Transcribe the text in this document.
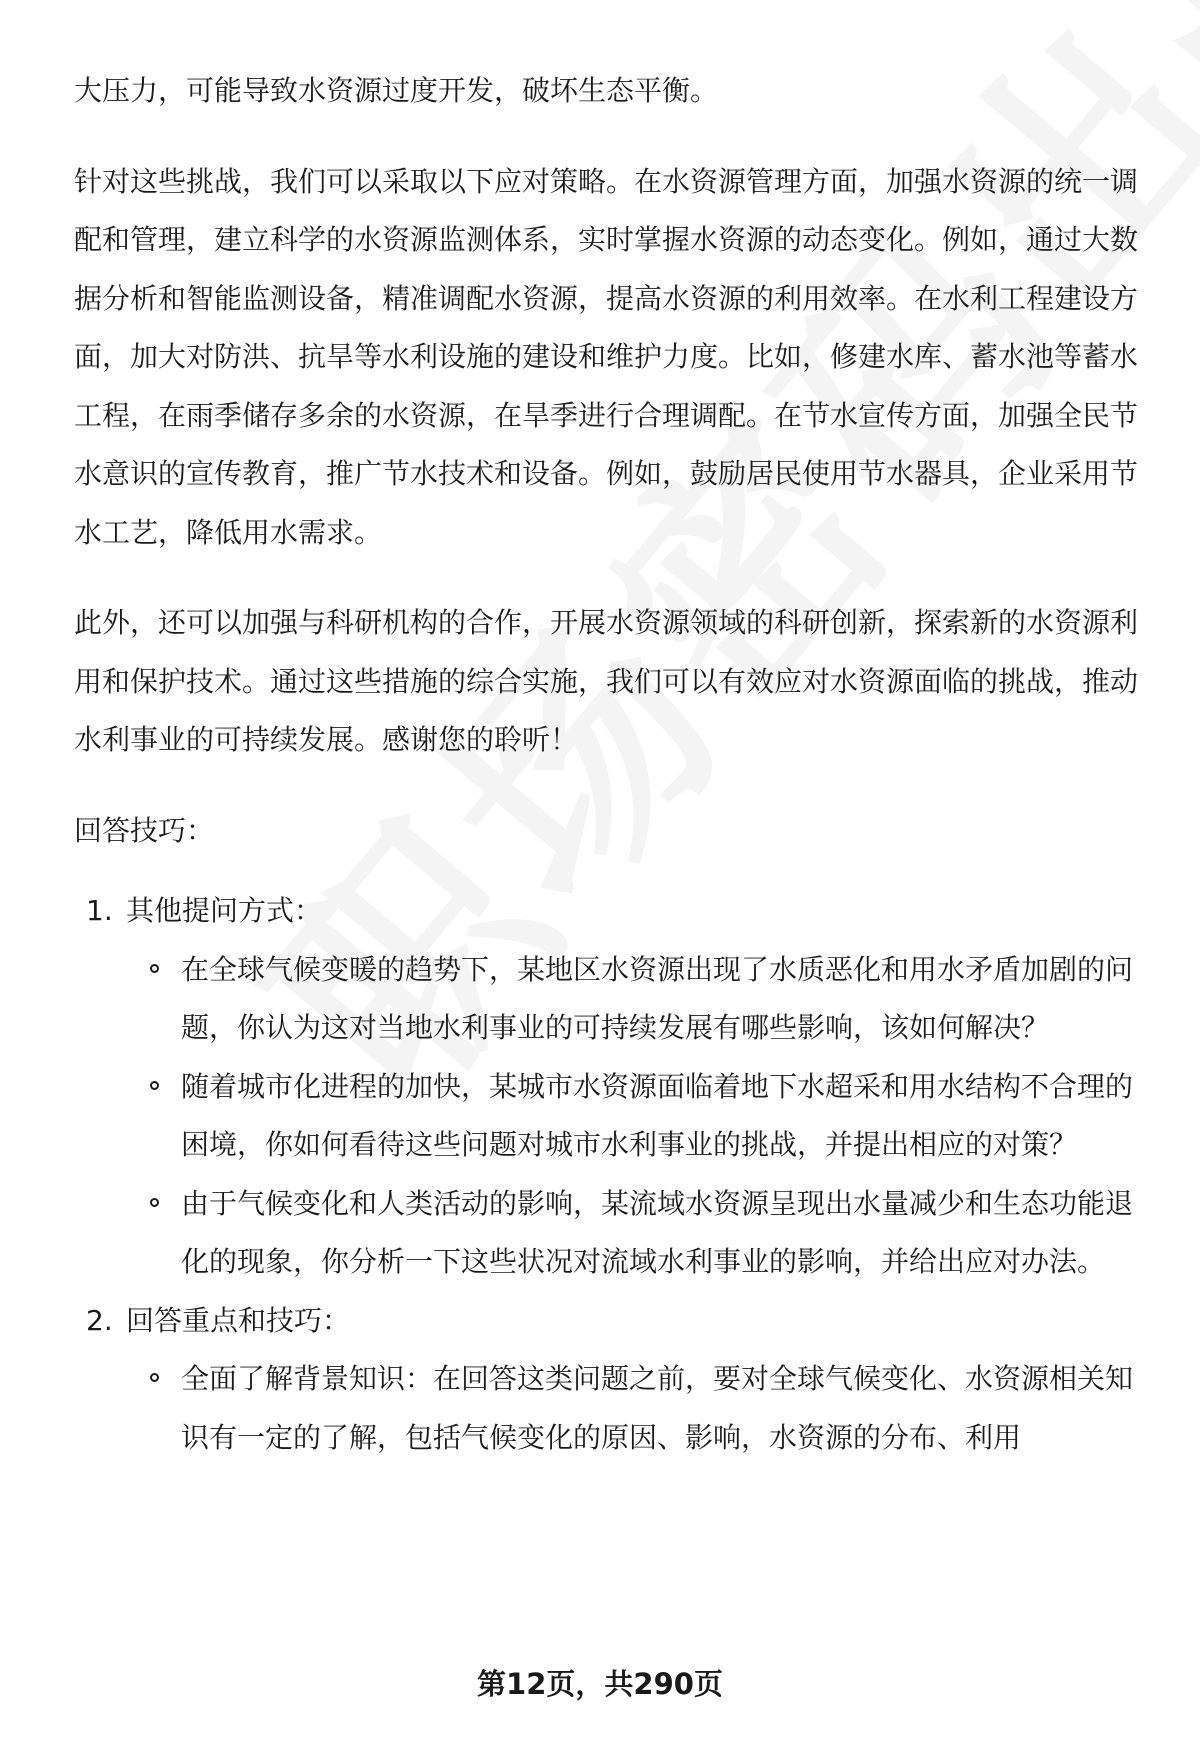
大压力，可能导致水资源过度开发，破坏生态平衡。

针对这些挑战，我们可以采取以下应对策略。在水资源管理方面，加强水资源的统一调配和管理，建立科学的水资源监测体系，实时掌握水资源的动态变化。例如，通过大数据分析和智能监测设备，精准调配水资源，提高水资源的利用效率。在水利工程建设方面，加大对防洪、抗旱等水利设施的建设和维护力度。比如，修建水库、蓄水池等蓄水工程，在雨季储存多余的水资源，在旱季进行合理调配。在节水宣传方面，加强全民节水意识的宣传教育，推广节水技术和设备。例如，鼓励居民使用节水器具，企业采用节水工艺，降低用水需求。

此外，还可以加强与科研机构的合作，开展水资源领域的科研创新，探索新的水资源利用和保护技术。通过这些措施的综合实施，我们可以有效应对水资源面临的挑战，推动水利事业的可持续发展。感谢您的聆听！

回答技巧：

1. 其他提问方式：
在全球气候变暖的趋势下，某地区水资源出现了水质恶化和用水矛盾加剧的问题，你认为这对当地水利事业的可持续发展有哪些影响，该如何解决？
随着城市化进程的加快，某城市水资源面临着地下水超采和用水结构不合理的困境，你如何看待这些问题对城市水利事业的挑战，并提出相应的对策？
由于气候变化和人类活动的影响，某流域水资源呈现出水量减少和生态功能退化的现象，你分析一下这些状况对流域水利事业的影响，并给出应对办法。
2. 回答重点和技巧：
全面了解背景知识：在回答这类问题之前，要对全球气候变化、水资源相关知识有一定的了解，包括气候变化的原因、影响，水资源的分布、利用
第12页，共290页
